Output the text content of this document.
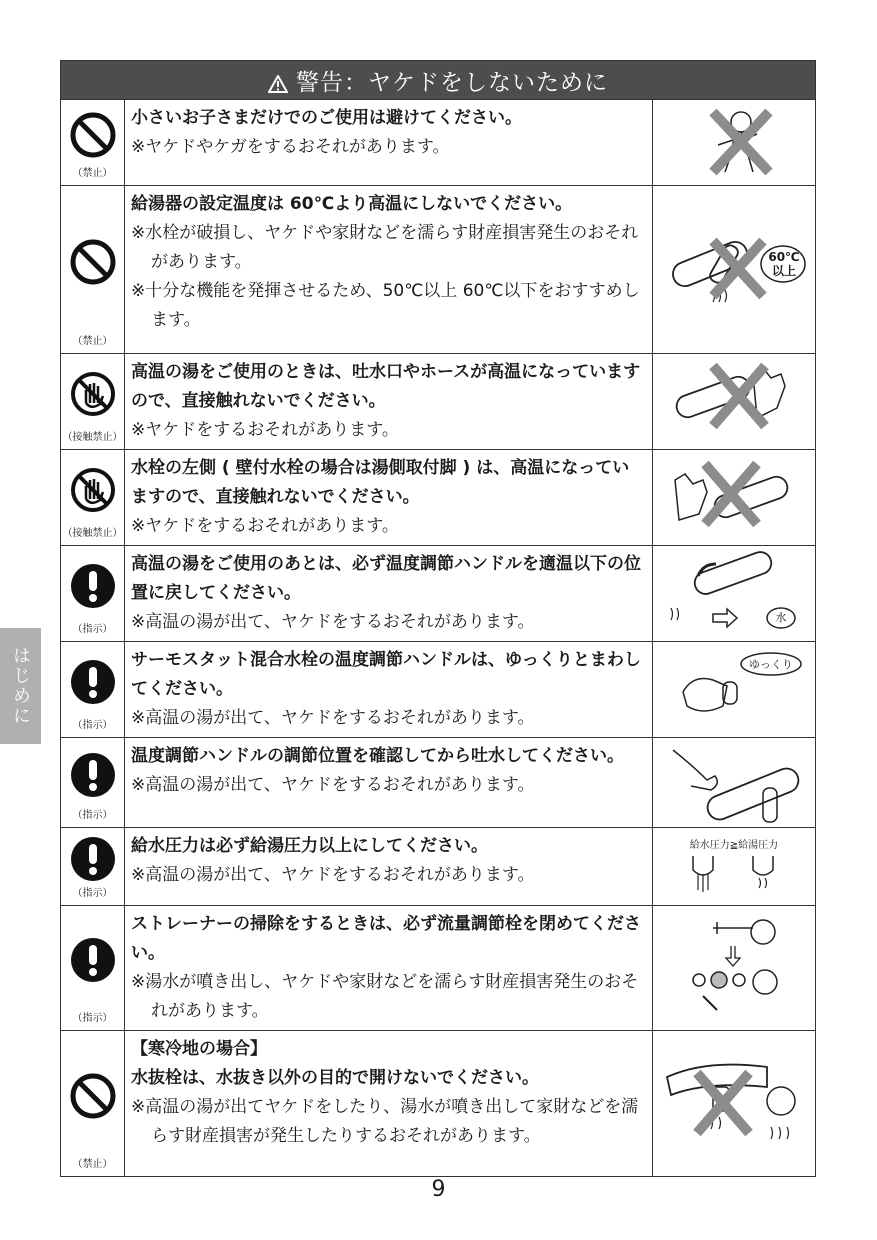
警告：ヤケドをしないために		

（禁止）	小さいお子さまだけでのご使用は避けてください。
※ヤケドやケガをするおそれがあります。

（禁止）	給湯器の設定温度は 60℃より高温にしないでください。
※水栓が破損し、ヤケドや家財などを濡らす財産損害発生のおそれがあります。
※十分な機能を発揮させるため、50℃以上 60℃以下をおすすめします。	60℃以上

（接触禁止）	高温の湯をご使用のときは、吐水口やホースが高温になっていますので、直接触れないでください。
※ヤケドをするおそれがあります。

（接触禁止）	水栓の左側 ( 壁付水栓の場合は湯側取付脚 ) は、高温になっていますので、直接触れないでください。
※ヤケドをするおそれがあります。

（指示）	高温の湯をご使用のあとは、必ず温度調節ハンドルを適温以下の位置に戻してください。
※高温の湯が出て、ヤケドをするおそれがあります。	水

（指示）	サーモスタット混合水栓の温度調節ハンドルは、ゆっくりとまわしてください。
※高温の湯が出て、ヤケドをするおそれがあります。	ゆっくり

（指示）	温度調節ハンドルの調節位置を確認してから吐水してください。
※高温の湯が出て、ヤケドをするおそれがあります。

（指示）	給水圧力は必ず給湯圧力以上にしてください。
※高温の湯が出て、ヤケドをするおそれがあります。	給水圧力≧給湯圧力

（指示）	ストレーナーの掃除をするときは、必ず流量調節栓を閉めてください。
※湯水が噴き出し、ヤケドや家財などを濡らす財産損害発生のおそれがあります。

（禁止）	【寒冷地の場合】
水抜栓は、水抜き以外の目的で開けないでください。
※高温の湯が出てヤケドをしたり、湯水が噴き出して家財などを濡らす財産損害が発生したりするおそれがあります。

はじめに
9
